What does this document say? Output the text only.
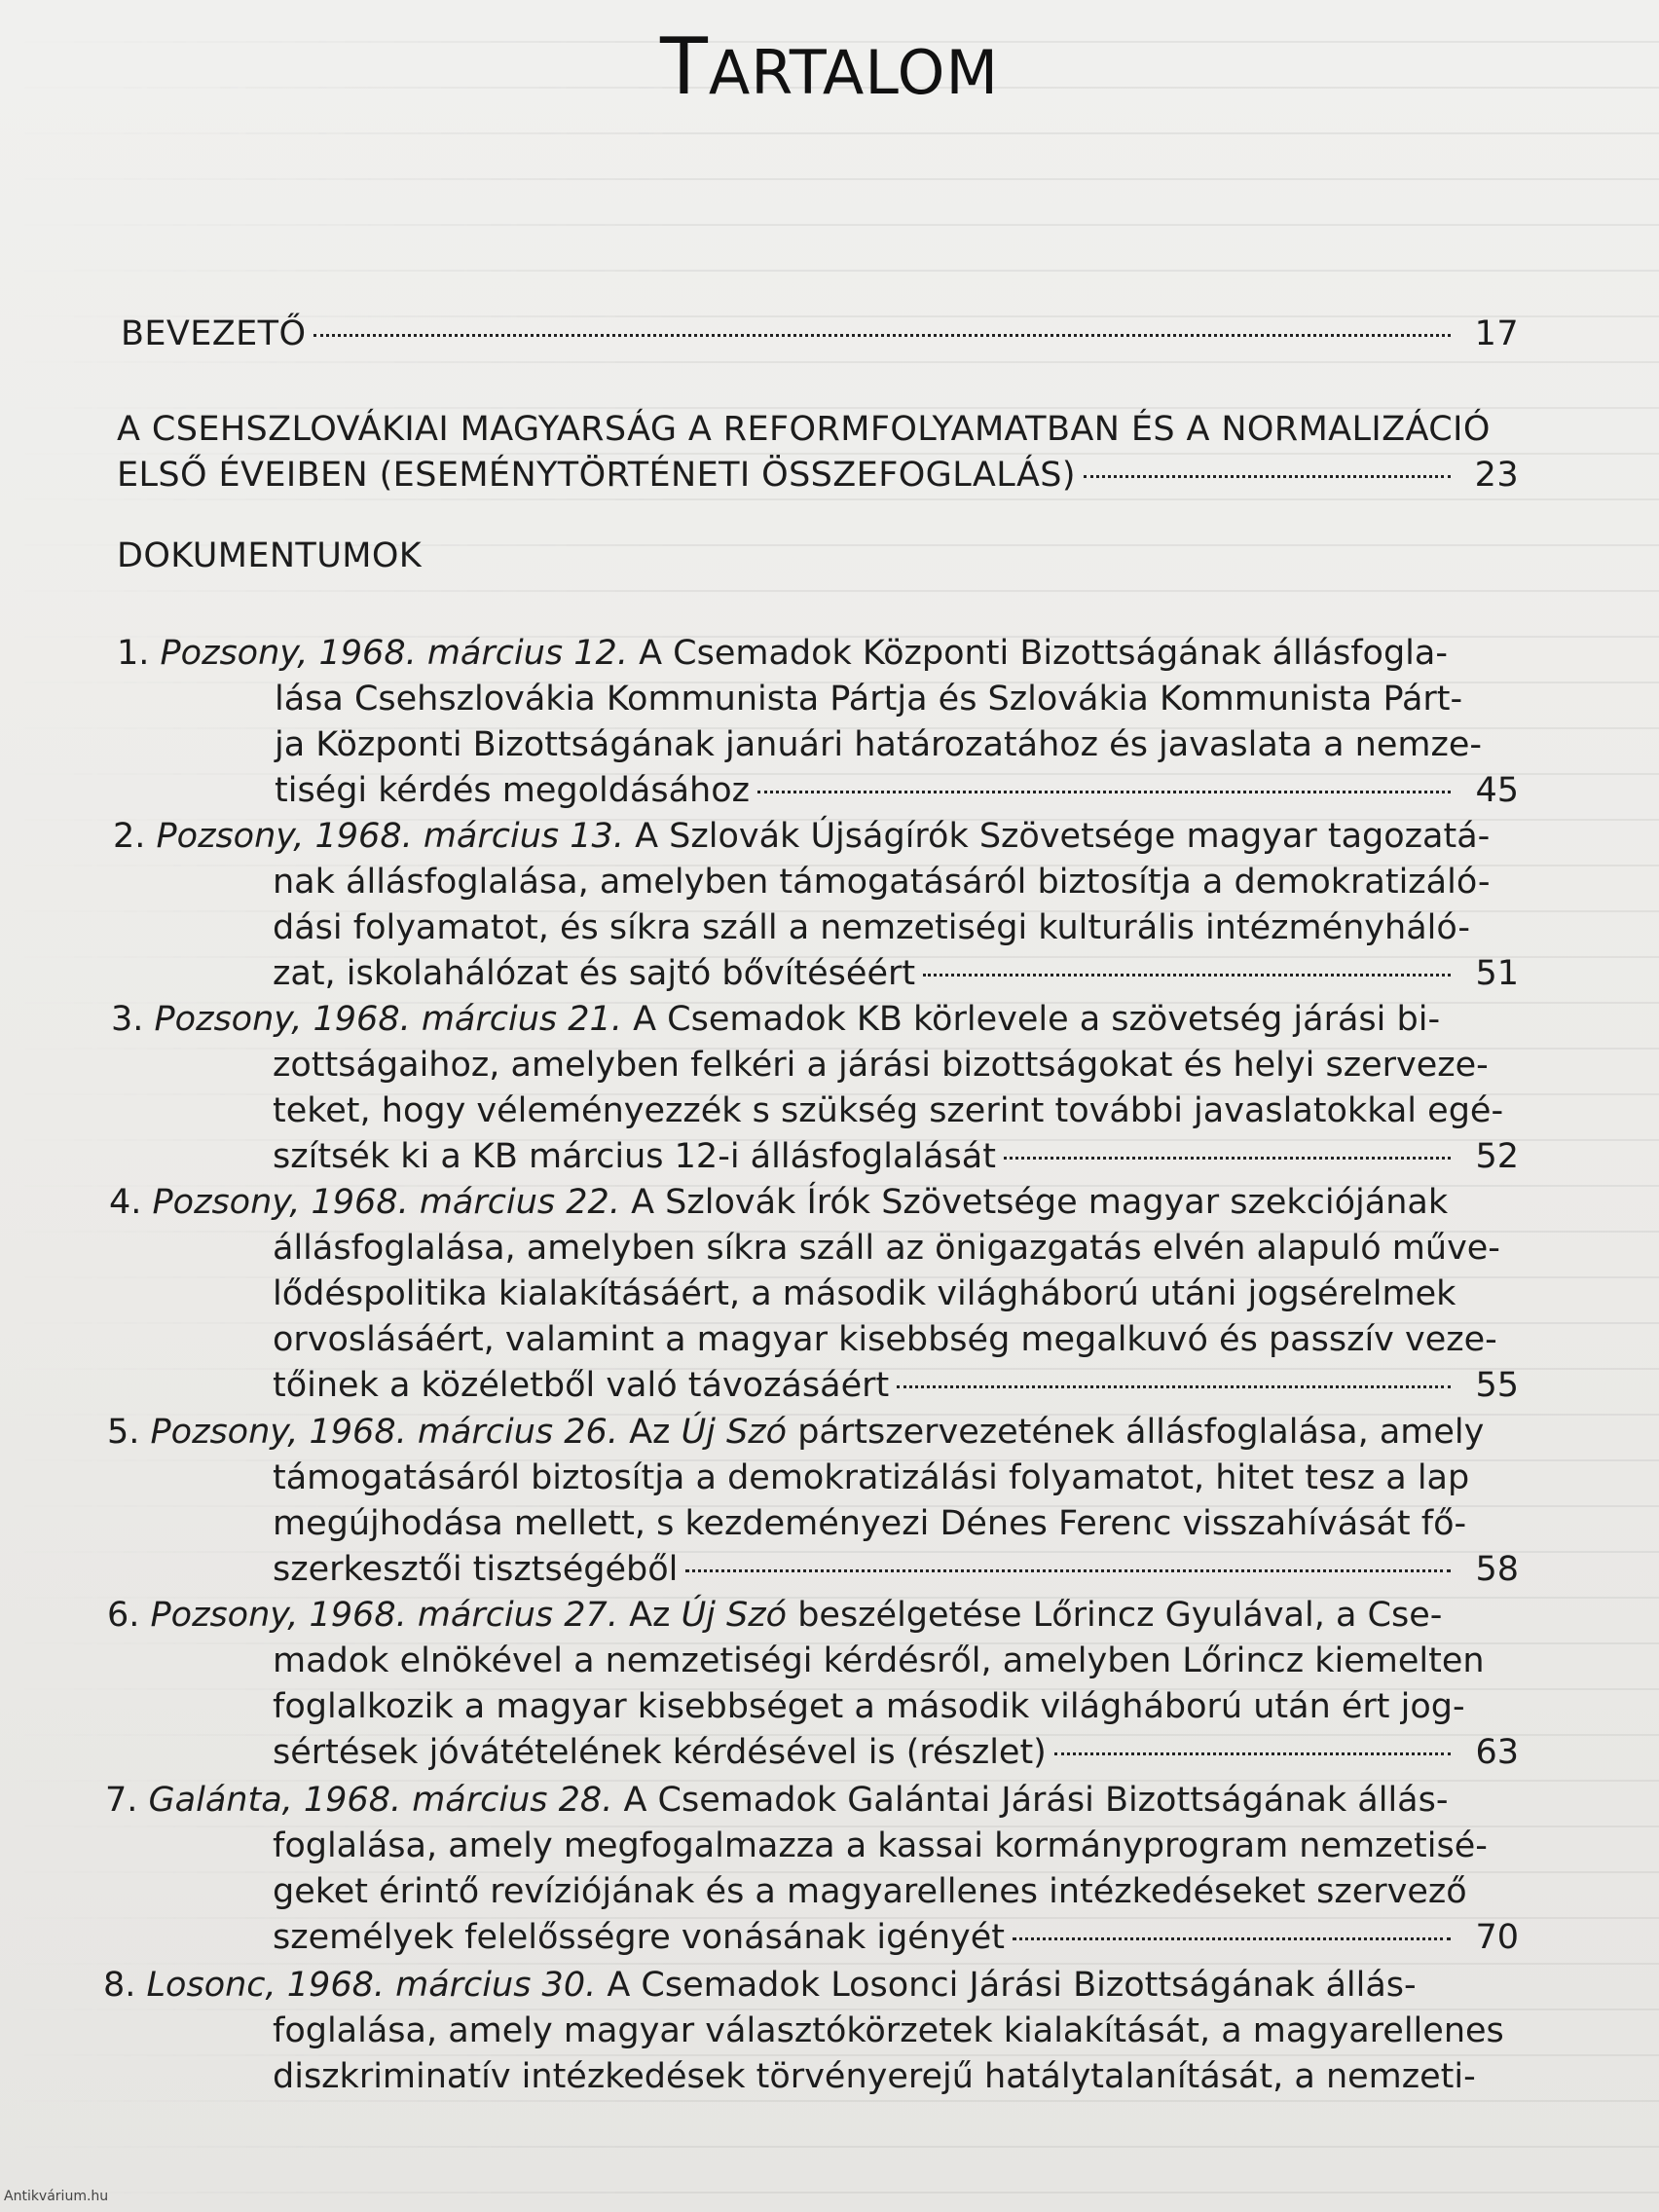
TARTALOM
BEVEZETŐ	17
A CSEHSZLOVÁKIAI MAGYARSÁG A REFORMFOLYAMATBAN ÉS A NORMALIZÁCIÓ
ELSŐ ÉVEIBEN (ESEMÉNYTÖRTÉNETI ÖSSZEFOGLALÁS)	23
DOKUMENTUMOK
1. Pozsony, 1968. március 12. A Csemadok Központi Bizottságának állásfogla-
lása Csehszlovákia Kommunista Pártja és Szlovákia Kommunista Párt-
ja Központi Bizottságának januári határozatához és javaslata a nemze-
tiségi kérdés megoldásához	45
2. Pozsony, 1968. március 13. A Szlovák Újságírók Szövetsége magyar tagozatá-
nak állásfoglalása, amelyben támogatásáról biztosítja a demokratizáló-
dási folyamatot, és síkra száll a nemzetiségi kulturális intézményháló-
zat, iskolahálózat és sajtó bővítéséért	51
3. Pozsony, 1968. március 21. A Csemadok KB körlevele a szövetség járási bi-
zottságaihoz, amelyben felkéri a járási bizottságokat és helyi szerveze-
teket, hogy véleményezzék s szükség szerint további javaslatokkal egé-
szítsék ki a KB március 12-i állásfoglalását	52
4. Pozsony, 1968. március 22. A Szlovák Írók Szövetsége magyar szekciójának
állásfoglalása, amelyben síkra száll az önigazgatás elvén alapuló műve-
lődéspolitika kialakításáért, a második világháború utáni jogsérelmek
orvoslásáért, valamint a magyar kisebbség megalkuvó és passzív veze-
tőinek a közéletből való távozásáért	55
5. Pozsony, 1968. március 26. Az Új Szó pártszervezetének állásfoglalása, amely
támogatásáról biztosítja a demokratizálási folyamatot, hitet tesz a lap
megújhodása mellett, s kezdeményezi Dénes Ferenc visszahívását fő-
szerkesztői tisztségéből	58
6. Pozsony, 1968. március 27. Az Új Szó beszélgetése Lőrincz Gyulával, a Cse-
madok elnökével a nemzetiségi kérdésről, amelyben Lőrincz kiemelten
foglalkozik a magyar kisebbséget a második világháború után ért jog-
sértések jóvátételének kérdésével is (részlet)	63
7. Galánta, 1968. március 28. A Csemadok Galántai Járási Bizottságának állás-
foglalása, amely megfogalmazza a kassai kormányprogram nemzetisé-
geket érintő revíziójának és a magyarellenes intézkedéseket szervező
személyek felelősségre vonásának igényét	70
8. Losonc, 1968. március 30. A Csemadok Losonci Járási Bizottságának állás-
foglalása, amely magyar választókörzetek kialakítását, a magyarellenes
diszkriminatív intézkedések törvényerejű hatálytalanítását, a nemzeti-
Antikvárium.hu
